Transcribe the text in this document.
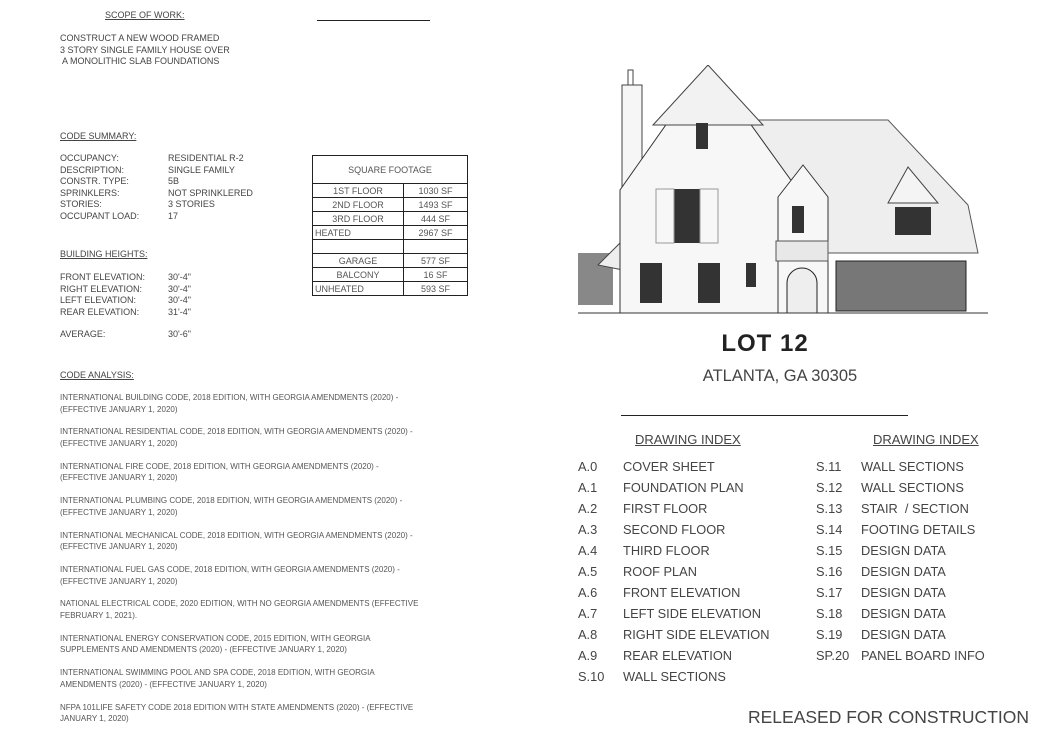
SCOPE OF WORK:
CODE SUMMARY:
BUILDING HEIGHTS:
AVERAGE:	30'-6"
SQUARE FOOTAGE	
1ST FLOOR	1030 SF
2ND FLOOR	1493 SF
3RD FLOOR	444 SF
HEATED	2967 SF

GARAGE	577 SF
BALCONY	16 SF
UNHEATED	593 SF
CODE ANALYSIS:
LOT 12
ATLANTA, GA 30305
DRAWING INDEX	DRAWING INDEX
RELEASED FOR CONSTRUCTION
CONSTRUCT A NEW WOOD FRAMED
3 STORY SINGLE FAMILY HOUSE OVER
A MONOLITHIC SLAB FOUNDATIONS
OCCUPANCY:	RESIDENTIAL R-2
DESCRIPTION:	SINGLE FAMILY
CONSTR. TYPE:	5B
SPRINKLERS:	NOT SPRINKLERED
STORIES:	3 STORIES
OCCUPANT LOAD:	17
FRONT ELEVATION:	30'-4"
RIGHT ELEVATION:	30'-4"
LEFT ELEVATION:	30'-4"
REAR ELEVATION:	31'-4"
INTERNATIONAL BUILDING CODE, 2018 EDITION, WITH GEORGIA AMENDMENTS (2020) -
(EFFECTIVE JANUARY 1, 2020)
INTERNATIONAL RESIDENTIAL CODE, 2018 EDITION, WITH GEORGIA AMENDMENTS (2020) -
(EFFECTIVE JANUARY 1, 2020)
INTERNATIONAL FIRE CODE, 2018 EDITION, WITH GEORGIA AMENDMENTS (2020) -
(EFFECTIVE JANUARY 1, 2020)
INTERNATIONAL PLUMBING CODE, 2018 EDITION, WITH GEORGIA AMENDMENTS (2020) -
(EFFECTIVE JANUARY 1, 2020)
INTERNATIONAL MECHANICAL CODE, 2018 EDITION, WITH GEORGIA AMENDMENTS (2020) -
(EFFECTIVE JANUARY 1, 2020)
INTERNATIONAL FUEL GAS CODE, 2018 EDITION, WITH GEORGIA AMENDMENTS (2020) -
(EFFECTIVE JANUARY 1, 2020)
NATIONAL ELECTRICAL CODE, 2020 EDITION, WITH NO GEORGIA AMENDMENTS (EFFECTIVE
FEBRUARY 1, 2021).
INTERNATIONAL ENERGY CONSERVATION CODE, 2015 EDITION, WITH GEORGIA
SUPPLEMENTS AND AMENDMENTS (2020) - (EFFECTIVE JANUARY 1, 2020)
INTERNATIONAL SWIMMING POOL AND SPA CODE, 2018 EDITION, WITH GEORGIA
AMENDMENTS (2020) - (EFFECTIVE JANUARY 1, 2020)
NFPA 101LIFE SAFETY CODE 2018 EDITION WITH STATE AMENDMENTS (2020) - (EFFECTIVE
JANUARY 1, 2020)
A.0 COVER SHEET
A.1 FOUNDATION PLAN
A.2 FIRST FLOOR
A.3 SECOND FLOOR
A.4 THIRD FLOOR
A.5 ROOF PLAN
A.6 FRONT ELEVATION
A.7 LEFT SIDE ELEVATION
A.8 RIGHT SIDE ELEVATION
A.9 REAR ELEVATION
S.10 WALL SECTIONS
S.11 WALL SECTIONS
S.12 WALL SECTIONS
S.13 STAIR  / SECTION
S.14 FOOTING DETAILS
S.15 DESIGN DATA
S.16 DESIGN DATA
S.17 DESIGN DATA
S.18 DESIGN DATA
S.19 DESIGN DATA
SP.20 PANEL BOARD INFO
